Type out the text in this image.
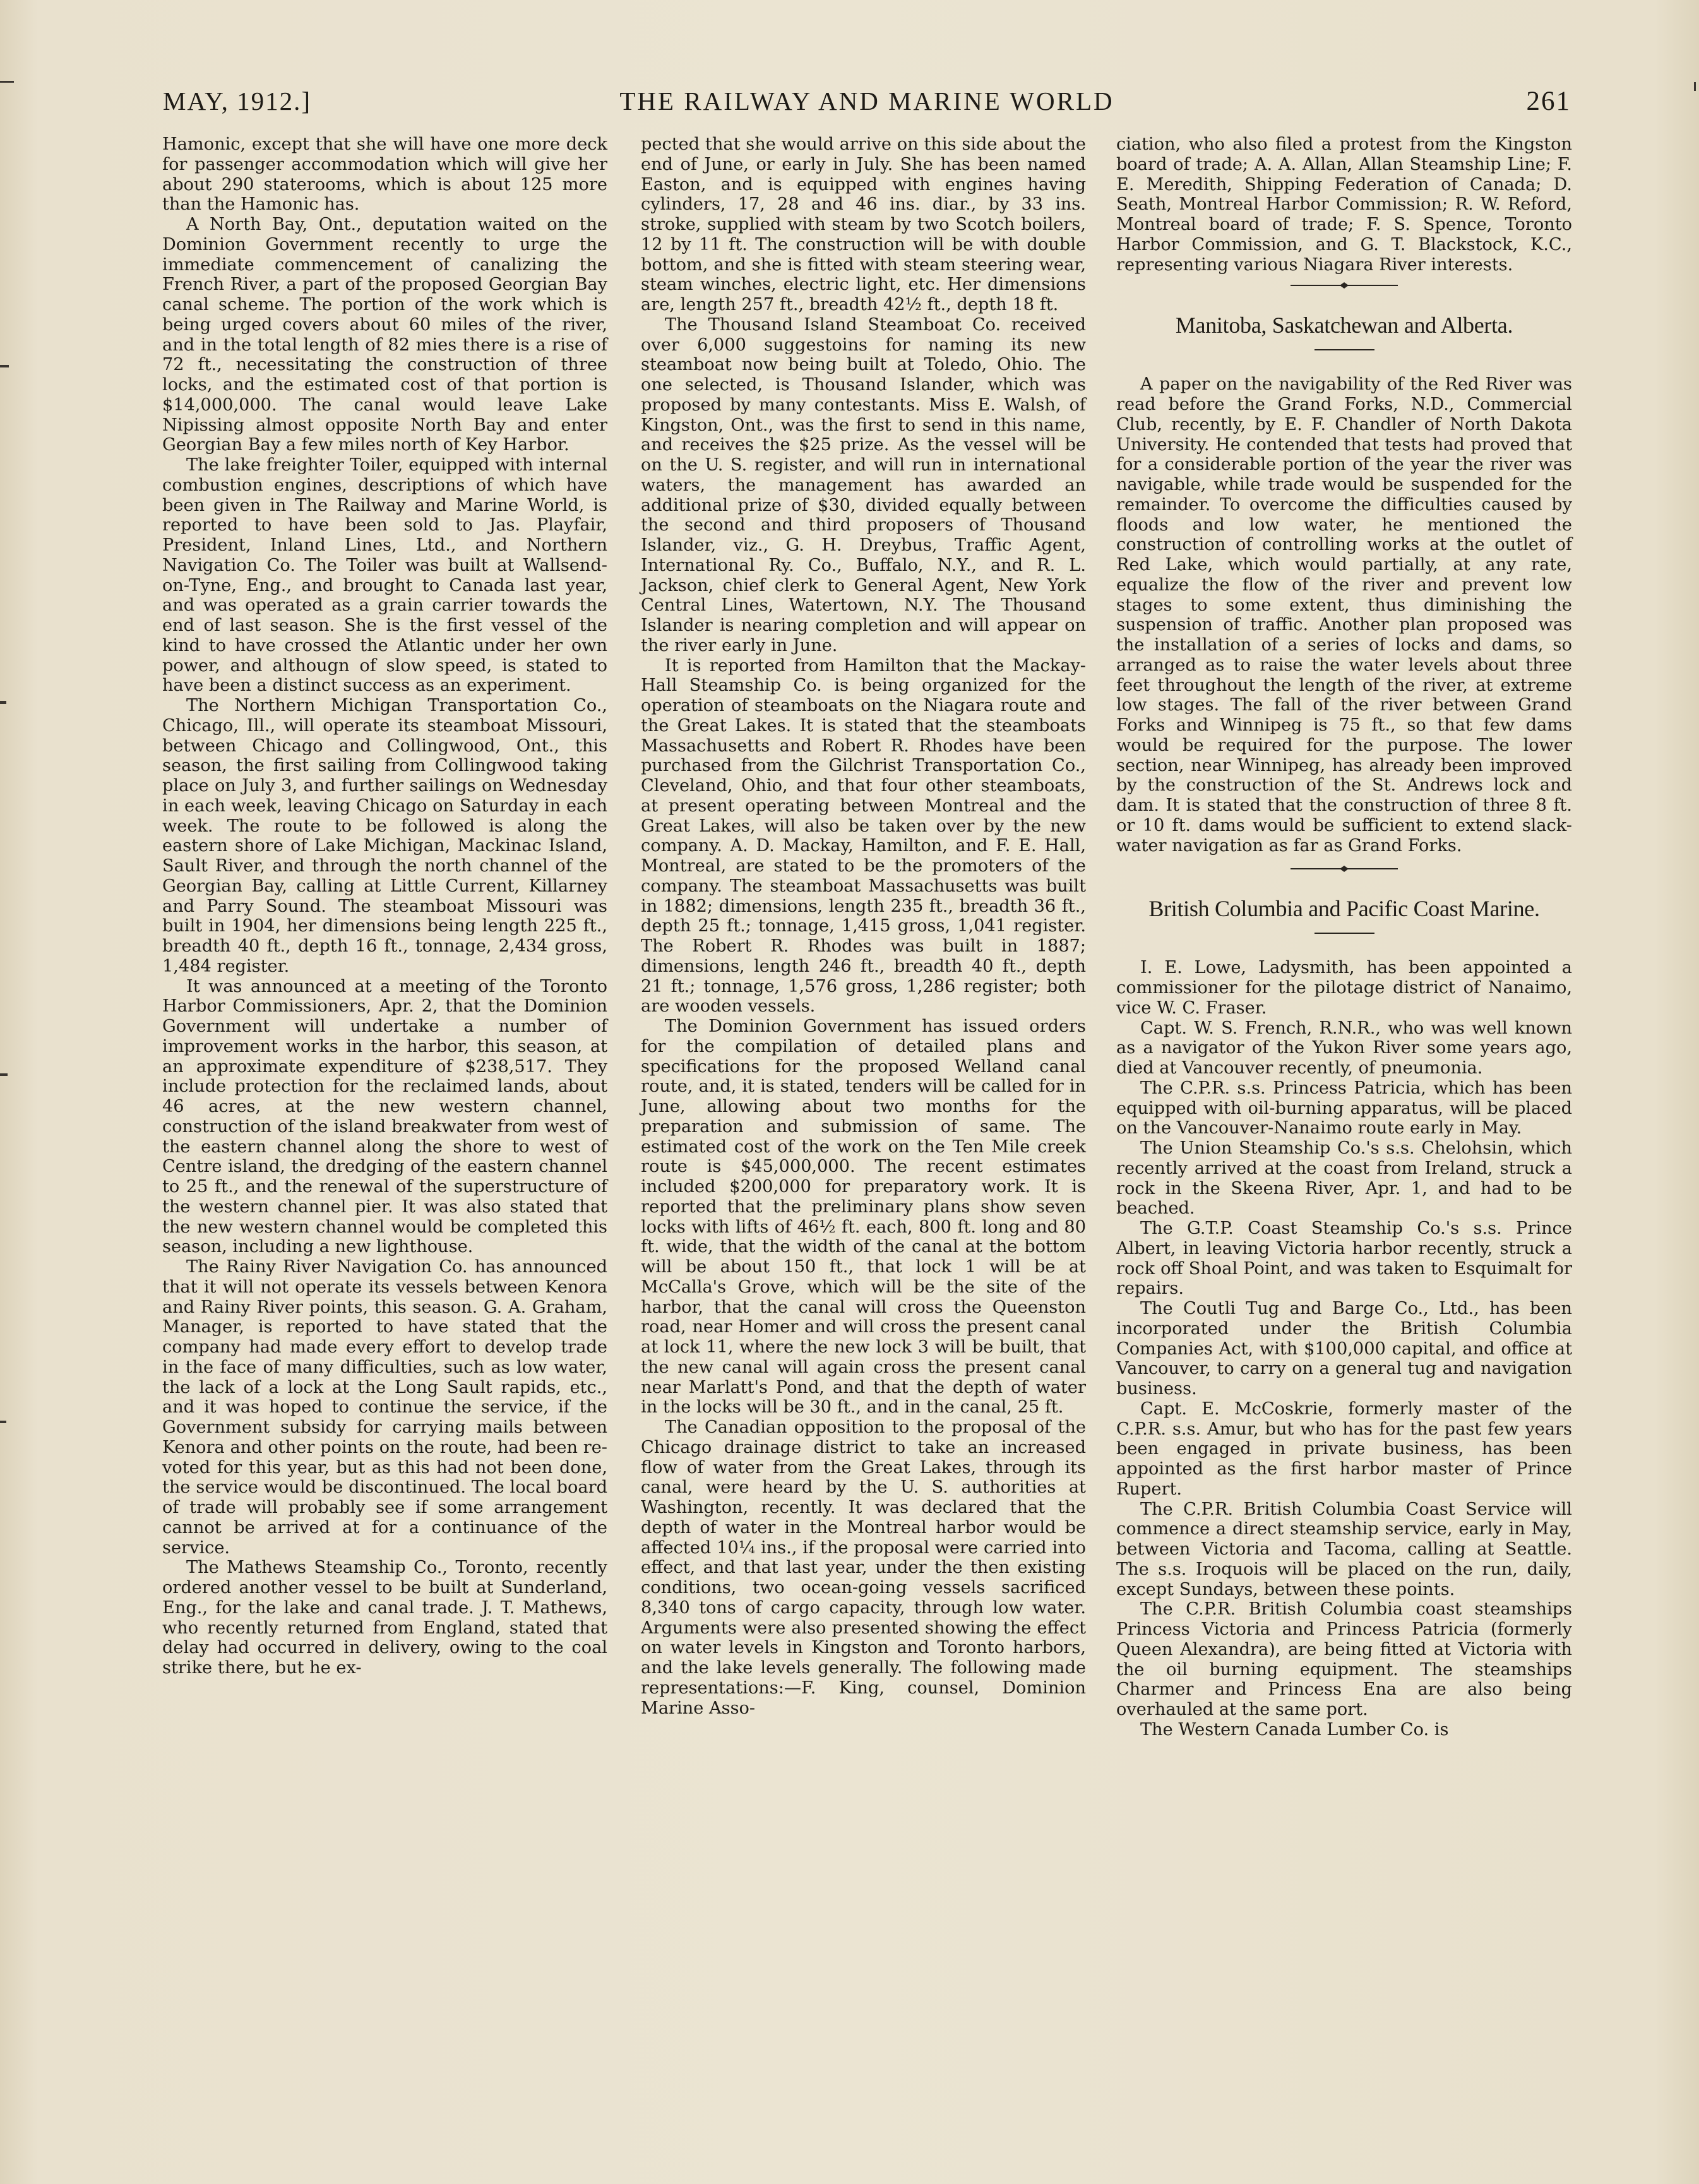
MAY, 1912.]	THE RAILWAY AND MARINE WORLD	261

Hamonic, except that she will have one more deck for passenger accommodation which will give her about 290 staterooms, which is about 125 more than the Hamonic has.

A North Bay, Ont., deputation waited on the Dominion Government recently to urge the immediate commencement of canalizing the French River, a part of the proposed Georgian Bay canal scheme. The portion of the work which is being urged covers about 60 miles of the river, and in the total length of 82 mies there is a rise of 72 ft., necessitating the construction of three locks, and the estimated cost of that portion is $14,000,000. The canal would leave Lake Nipissing almost opposite North Bay and enter Georgian Bay a few miles north of Key Harbor.

The lake freighter Toiler, equipped with internal combustion engines, descriptions of which have been given in The Railway and Marine World, is reported to have been sold to Jas. Playfair, President, Inland Lines, Ltd., and Northern Navigation Co. The Toiler was built at Wallsend-on-Tyne, Eng., and brought to Canada last year, and was operated as a grain carrier towards the end of last season. She is the first vessel of the kind to have crossed the Atlantic under her own power, and althougn of slow speed, is stated to have been a distinct success as an experiment.

The Northern Michigan Transportation Co., Chicago, Ill., will operate its steamboat Missouri, between Chicago and Collingwood, Ont., this season, the first sailing from Collingwood taking place on July 3, and further sailings on Wednesday in each week, leaving Chicago on Saturday in each week. The route to be followed is along the eastern shore of Lake Michigan, Mackinac Island, Sault River, and through the north channel of the Georgian Bay, calling at Little Current, Killarney and Parry Sound. The steamboat Missouri was built in 1904, her dimensions being length 225 ft., breadth 40 ft., depth 16 ft., tonnage, 2,434 gross, 1,484 register.

It was announced at a meeting of the Toronto Harbor Commissioners, Apr. 2, that the Dominion Government will undertake a number of improvement works in the harbor, this season, at an approximate expenditure of $238,517. They include protection for the reclaimed lands, about 46 acres, at the new western channel, construction of the island breakwater from west of the eastern channel along the shore to west of Centre island, the dredging of the eastern channel to 25 ft., and the renewal of the superstructure of the western channel pier. It was also stated that the new western channel would be completed this season, including a new lighthouse.

The Rainy River Navigation Co. has announced that it will not operate its vessels between Kenora and Rainy River points, this season. G. A. Graham, Manager, is reported to have stated that the company had made every effort to develop trade in the face of many difficulties, such as low water, the lack of a lock at the Long Sault rapids, etc., and it was hoped to continue the service, if the Government subsidy for carrying mails between Kenora and other points on the route, had been re-voted for this year, but as this had not been done, the service would be discontinued. The local board of trade will probably see if some arrangement cannot be arrived at for a continuance of the service.

The Mathews Steamship Co., Toronto, recently ordered another vessel to be built at Sunderland, Eng., for the lake and canal trade. J. T. Mathews, who recently returned from England, stated that delay had occurred in delivery, owing to the coal strike there, but he ex-

pected that she would arrive on this side about the end of June, or early in July. She has been named Easton, and is equipped with engines having cylinders, 17, 28 and 46 ins. diar., by 33 ins. stroke, supplied with steam by two Scotch boilers, 12 by 11 ft. The construction will be with double bottom, and she is fitted with steam steering wear, steam winches, electric light, etc. Her dimensions are, length 257 ft., breadth 42½ ft., depth 18 ft.

The Thousand Island Steamboat Co. received over 6,000 suggestoins for naming its new steamboat now being built at Toledo, Ohio. The one selected, is Thousand Islander, which was proposed by many contestants. Miss E. Walsh, of Kingston, Ont., was the first to send in this name, and receives the $25 prize. As the vessel will be on the U. S. register, and will run in international waters, the management has awarded an additional prize of $30, divided equally between the second and third proposers of Thousand Islander, viz., G. H. Dreybus, Traffic Agent, International Ry. Co., Buffalo, N.Y., and R. L. Jackson, chief clerk to General Agent, New York Central Lines, Watertown, N.Y. The Thousand Islander is nearing completion and will appear on the river early in June.

It is reported from Hamilton that the Mackay-Hall Steamship Co. is being organized for the operation of steamboats on the Niagara route and the Great Lakes. It is stated that the steamboats Massachusetts and Robert R. Rhodes have been purchased from the Gilchrist Transportation Co., Cleveland, Ohio, and that four other steamboats, at present operating between Montreal and the Great Lakes, will also be taken over by the new company. A. D. Mackay, Hamilton, and F. E. Hall, Montreal, are stated to be the promoters of the company. The steamboat Massachusetts was built in 1882; dimensions, length 235 ft., breadth 36 ft., depth 25 ft.; tonnage, 1,415 gross, 1,041 register. The Robert R. Rhodes was built in 1887; dimensions, length 246 ft., breadth 40 ft., depth 21 ft.; tonnage, 1,576 gross, 1,286 register; both are wooden vessels.

The Dominion Government has issued orders for the compilation of detailed plans and specifications for the proposed Welland canal route, and, it is stated, tenders will be called for in June, allowing about two months for the preparation and submission of same. The estimated cost of the work on the Ten Mile creek route is $45,000,000. The recent estimates included $200,000 for preparatory work. It is reported that the preliminary plans show seven locks with lifts of 46½ ft. each, 800 ft. long and 80 ft. wide, that the width of the canal at the bottom will be about 150 ft., that lock 1 will be at McCalla's Grove, which will be the site of the harbor, that the canal will cross the Queenston road, near Homer and will cross the present canal at lock 11, where the new lock 3 will be built, that the new canal will again cross the present canal near Marlatt's Pond, and that the depth of water in the locks will be 30 ft., and in the canal, 25 ft.

The Canadian opposition to the proposal of the Chicago drainage district to take an increased flow of water from the Great Lakes, through its canal, were heard by the U. S. authorities at Washington, recently. It was declared that the depth of water in the Montreal harbor would be affected 10¼ ins., if the proposal were carried into effect, and that last year, under the then existing conditions, two ocean-going vessels sacrificed 8,340 tons of cargo capacity, through low water. Arguments were also presented showing the effect on water levels in Kingston and Toronto harbors, and the lake levels generally. The following made representations:—F. King, counsel, Dominion Marine Asso-

ciation, who also filed a protest from the Kingston board of trade; A. A. Allan, Allan Steamship Line; F. E. Meredith, Shipping Federation of Canada; D. Seath, Montreal Harbor Commission; R. W. Reford, Montreal board of trade; F. S. Spence, Toronto Harbor Commission, and G. T. Blackstock, K.C., representing various Niagara River interests.

Manitoba, Saskatchewan and Alberta.

A paper on the navigability of the Red River was read before the Grand Forks, N.D., Commercial Club, recently, by E. F. Chandler of North Dakota University. He contended that tests had proved that for a considerable portion of the year the river was navigable, while trade would be suspended for the remainder. To overcome the difficulties caused by floods and low water, he mentioned the construction of controlling works at the outlet of Red Lake, which would partially, at any rate, equalize the flow of the river and prevent low stages to some extent, thus diminishing the suspension of traffic. Another plan proposed was the installation of a series of locks and dams, so arranged as to raise the water levels about three feet throughout the length of the river, at extreme low stages. The fall of the river between Grand Forks and Winnipeg is 75 ft., so that few dams would be required for the purpose. The lower section, near Winnipeg, has already been improved by the construction of the St. Andrews lock and dam. It is stated that the construction of three 8 ft. or 10 ft. dams would be sufficient to extend slack-water navigation as far as Grand Forks.

British Columbia and Pacific Coast Marine.

I. E. Lowe, Ladysmith, has been appointed a commissioner for the pilotage district of Nanaimo, vice W. C. Fraser.

Capt. W. S. French, R.N.R., who was well known as a navigator of the Yukon River some years ago, died at Vancouver recently, of pneumonia.

The C.P.R. s.s. Princess Patricia, which has been equipped with oil-burning apparatus, will be placed on the Vancouver-Nanaimo route early in May.

The Union Steamship Co.'s s.s. Chelohsin, which recently arrived at the coast from Ireland, struck a rock in the Skeena River, Apr. 1, and had to be beached.

The G.T.P. Coast Steamship Co.'s s.s. Prince Albert, in leaving Victoria harbor recently, struck a rock off Shoal Point, and was taken to Esquimalt for repairs.

The Coutli Tug and Barge Co., Ltd., has been incorporated under the British Columbia Companies Act, with $100,000 capital, and office at Vancouver, to carry on a general tug and navigation business.

Capt. E. McCoskrie, formerly master of the C.P.R. s.s. Amur, but who has for the past few years been engaged in private business, has been appointed as the first harbor master of Prince Rupert.

The C.P.R. British Columbia Coast Service will commence a direct steamship service, early in May, between Victoria and Tacoma, calling at Seattle. The s.s. Iroquois will be placed on the run, daily, except Sundays, between these points.

The C.P.R. British Columbia coast steamships Princess Victoria and Princess Patricia (formerly Queen Alexandra), are being fitted at Victoria with the oil burning equipment. The steamships Charmer and Princess Ena are also being overhauled at the same port.

The Western Canada Lumber Co. is
